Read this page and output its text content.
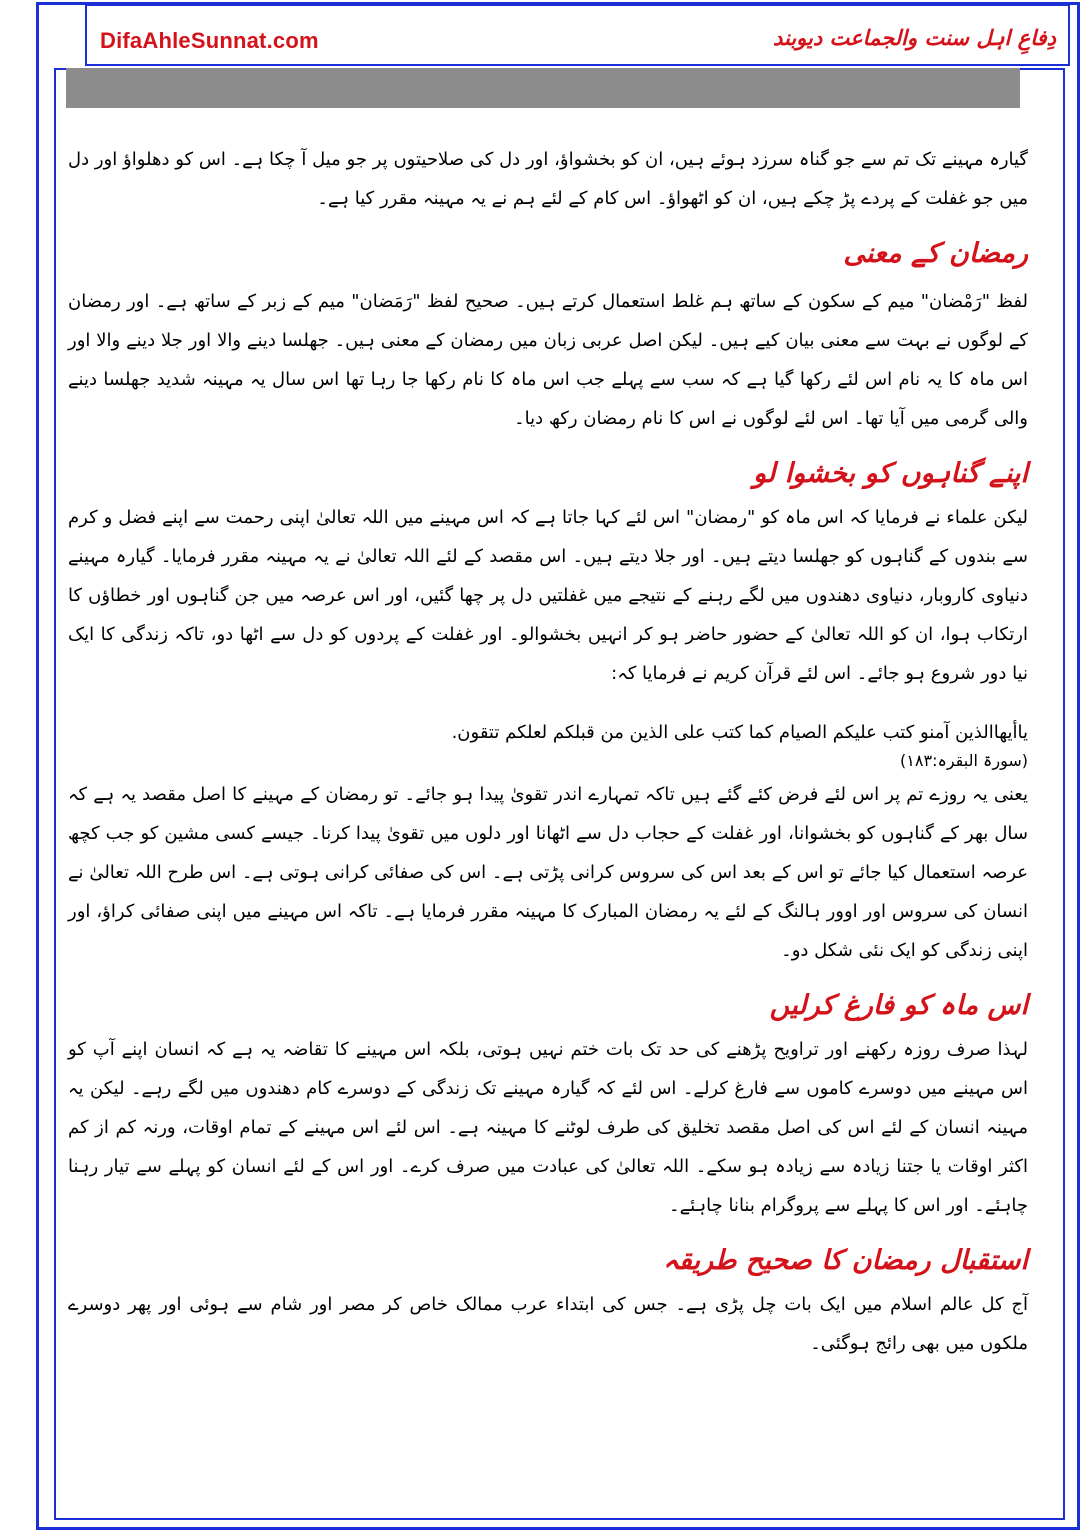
DifaAhleSunnat.com	دِفاعِ اہل سنت والجماعت دیوبند

گیارہ مہینے تک تم سے جو گناہ سرزد ہوئے ہیں، ان کو بخشواؤ، اور دل کی صلاحیتوں پر جو میل آ چکا ہے۔ اس کو دھلواؤ اور دل میں جو غفلت کے پردے پڑ چکے ہیں، ان کو اٹھواؤ۔ اس کام کے لئے ہم نے یہ مہینہ مقرر کیا ہے۔

رمضان کے معنی

لفظ "رَمْضان" میم کے سکون کے ساتھ ہم غلط استعمال کرتے ہیں۔ صحیح لفظ "رَمَضان" میم کے زبر کے ساتھ ہے۔ اور رمضان کے لوگوں نے بہت سے معنی بیان کیے ہیں۔ لیکن اصل عربی زبان میں رمضان کے معنی ہیں۔ جھلسا دینے والا اور جلا دینے والا اور اس ماہ کا یہ نام اس لئے رکھا گیا ہے کہ سب سے پہلے جب اس ماہ کا نام رکھا جا رہا تھا اس سال یہ مہینہ شدید جھلسا دینے والی گرمی میں آیا تھا۔ اس لئے لوگوں نے اس کا نام رمضان رکھ دیا۔

اپنے گناہوں کو بخشوا لو

لیکن علماء نے فرمایا کہ اس ماہ کو "رمضان" اس لئے کہا جاتا ہے کہ اس مہینے میں اللہ تعالیٰ اپنی رحمت سے اپنے فضل و کرم سے بندوں کے گناہوں کو جھلسا دیتے ہیں۔ اور جلا دیتے ہیں۔ اس مقصد کے لئے اللہ تعالیٰ نے یہ مہینہ مقرر فرمایا۔ گیارہ مہینے دنیاوی کاروبار، دنیاوی دھندوں میں لگے رہنے کے نتیجے میں غفلتیں دل پر چھا گئیں، اور اس عرصہ میں جن گناہوں اور خطاؤں کا ارتکاب ہوا، ان کو اللہ تعالیٰ کے حضور حاضر ہو کر انہیں بخشوالو۔ اور غفلت کے پردوں کو دل سے اٹھا دو، تاکہ زندگی کا ایک نیا دور شروع ہو جائے۔ اس لئے قرآن کریم نے فرمایا کہ:

یاأیھاالذین آمنو کتب علیکم الصیام کما کتب علی الذین من قبلکم لعلکم تتقون.

(سورۃ البقرہ:۱۸۳)

یعنی یہ روزے تم پر اس لئے فرض کئے گئے ہیں تاکہ تمہارے اندر تقویٰ پیدا ہو جائے۔ تو رمضان کے مہینے کا اصل مقصد یہ ہے کہ سال بھر کے گناہوں کو بخشوانا، اور غفلت کے حجاب دل سے اٹھانا اور دلوں میں تقویٰ پیدا کرنا۔ جیسے کسی مشین کو جب کچھ عرصہ استعمال کیا جائے تو اس کے بعد اس کی سروس کرانی پڑتی ہے۔ اس کی صفائی کرانی ہوتی ہے۔ اس طرح اللہ تعالیٰ نے انسان کی سروس اور اوور ہالنگ کے لئے یہ رمضان المبارک کا مہینہ مقرر فرمایا ہے۔ تاکہ اس مہینے میں اپنی صفائی کراؤ، اور اپنی زندگی کو ایک نئی شکل دو۔

اس ماہ کو فارغ کرلیں

لہذا صرف روزہ رکھنے اور تراویح پڑھنے کی حد تک بات ختم نہیں ہوتی، بلکہ اس مہینے کا تقاضہ یہ ہے کہ انسان اپنے آپ کو اس مہینے میں دوسرے کاموں سے فارغ کرلے۔ اس لئے کہ گیارہ مہینے تک زندگی کے دوسرے کام دھندوں میں لگے رہے۔ لیکن یہ مہینہ انسان کے لئے اس کی اصل مقصد تخلیق کی طرف لوٹنے کا مہینہ ہے۔ اس لئے اس مہینے کے تمام اوقات، ورنہ کم از کم اکثر اوقات یا جتنا زیادہ سے زیادہ ہو سکے۔ اللہ تعالیٰ کی عبادت میں صرف کرے۔ اور اس کے لئے انسان کو پہلے سے تیار رہنا چاہئے۔ اور اس کا پہلے سے پروگرام بنانا چاہئے۔

استقبال رمضان کا صحیح طریقہ

آج کل عالم اسلام میں ایک بات چل پڑی ہے۔ جس کی ابتداء عرب ممالک خاص کر مصر اور شام سے ہوئی اور پھر دوسرے ملکوں میں بھی رائج ہوگئی۔
